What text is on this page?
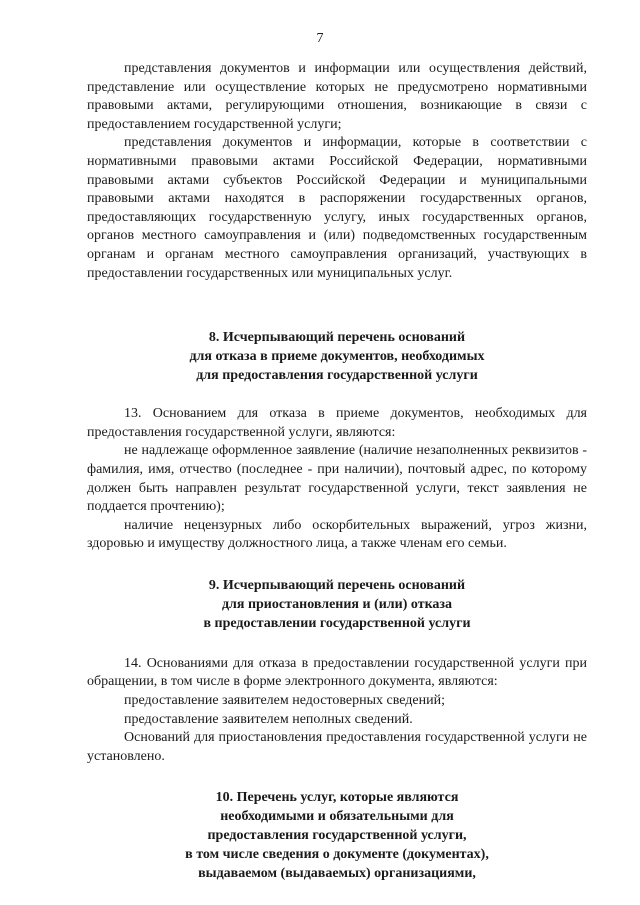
7

представления документов и информации или осуществления действий, представление или осуществление которых не предусмотрено нормативными правовыми актами, регулирующими отношения, возникающие в связи с предоставлением государственной услуги;

представления документов и информации, которые в соответствии с нормативными правовыми актами Российской Федерации, нормативными правовыми актами субъектов Российской Федерации и муниципальными правовыми актами находятся в распоряжении государственных органов, предоставляющих государственную услугу, иных государственных органов, органов местного самоуправления и (или) подведомственных государственным органам и органам местного самоуправления организаций, участвующих в предоставлении государственных или муниципальных услуг.

8. Исчерпывающий перечень оснований
для отказа в приеме документов, необходимых
для предоставления государственной услуги

13. Основанием для отказа в приеме документов, необходимых для предоставления государственной услуги, являются:

не надлежаще оформленное заявление (наличие незаполненных реквизитов - фамилия, имя, отчество (последнее - при наличии), почтовый адрес, по которому должен быть направлен результат государственной услуги, текст заявления не поддается прочтению);

наличие нецензурных либо оскорбительных выражений, угроз жизни, здоровью и имуществу должностного лица, а также членам его семьи.

9. Исчерпывающий перечень оснований
для приостановления и (или) отказа
в предоставлении государственной услуги

14. Основаниями для отказа в предоставлении государственной услуги при обращении, в том числе в форме электронного документа, являются:

предоставление заявителем недостоверных сведений;

предоставление заявителем неполных сведений.

Оснований для приостановления предоставления государственной услуги не установлено.

10. Перечень услуг, которые являются
необходимыми и обязательными для
предоставления государственной услуги,
в том числе сведения о документе (документах),
выдаваемом (выдаваемых) организациями,
